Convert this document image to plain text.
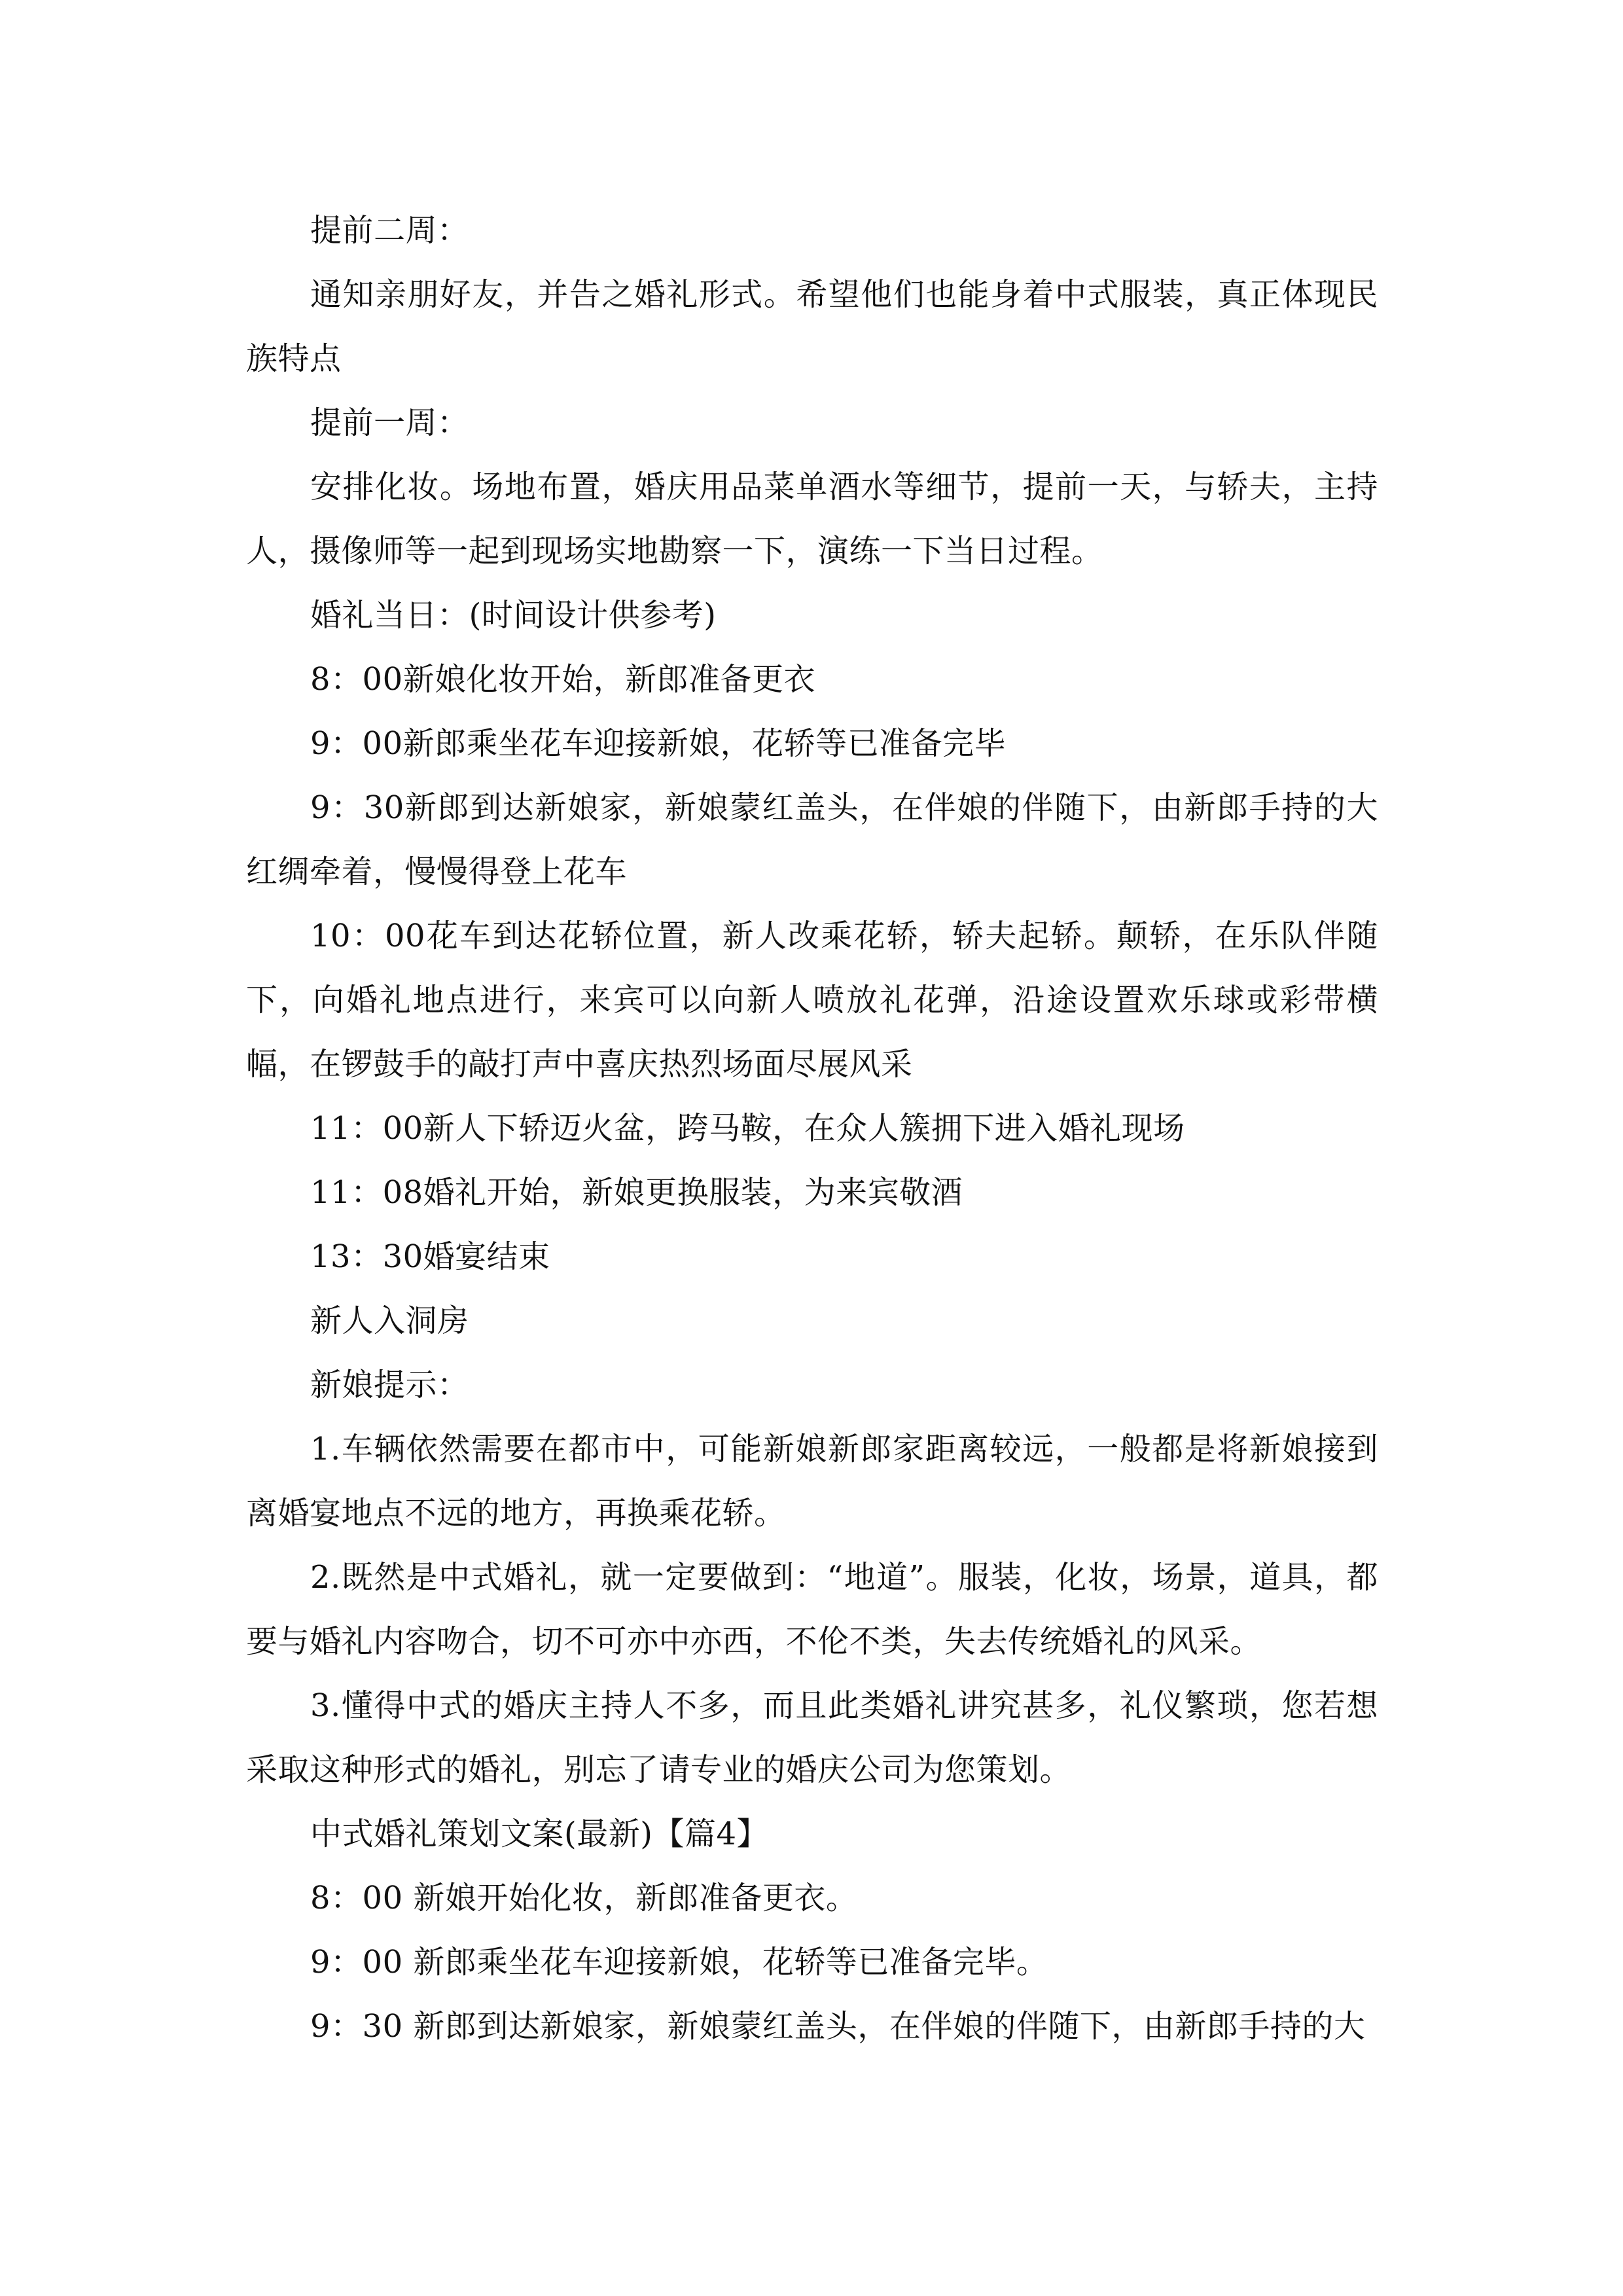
提前二周：

通知亲朋好友，并告之婚礼形式。希望他们也能身着中式服装，真正体现民族特点

提前一周：

安排化妆。场地布置，婚庆用品菜单酒水等细节，提前一天，与轿夫，主持人，摄像师等一起到现场实地勘察一下，演练一下当日过程。

婚礼当日：(时间设计供参考)

8：00新娘化妆开始，新郎准备更衣

9：00新郎乘坐花车迎接新娘，花轿等已准备完毕

9：30新郎到达新娘家，新娘蒙红盖头，在伴娘的伴随下，由新郎手持的大红绸牵着，慢慢得登上花车

10：00花车到达花轿位置，新人改乘花轿，轿夫起轿。颠轿，在乐队伴随下，向婚礼地点进行，来宾可以向新人喷放礼花弹，沿途设置欢乐球或彩带横幅，在锣鼓手的敲打声中喜庆热烈场面尽展风采

11：00新人下轿迈火盆，跨马鞍，在众人簇拥下进入婚礼现场

11：08婚礼开始，新娘更换服装，为来宾敬酒

13：30婚宴结束

新人入洞房

新娘提示：

1.车辆依然需要在都市中，可能新娘新郎家距离较远，一般都是将新娘接到离婚宴地点不远的地方，再换乘花轿。

2.既然是中式婚礼，就一定要做到：“地道”。服装，化妆，场景，道具，都要与婚礼内容吻合，切不可亦中亦西，不伦不类，失去传统婚礼的风采。

3.懂得中式的婚庆主持人不多，而且此类婚礼讲究甚多，礼仪繁琐，您若想采取这种形式的婚礼，别忘了请专业的婚庆公司为您策划。

中式婚礼策划文案(最新)【篇4】

8：00 新娘开始化妆，新郎准备更衣。

9：00 新郎乘坐花车迎接新娘，花轿等已准备完毕。

9：30 新郎到达新娘家，新娘蒙红盖头，在伴娘的伴随下，由新郎手持的大
